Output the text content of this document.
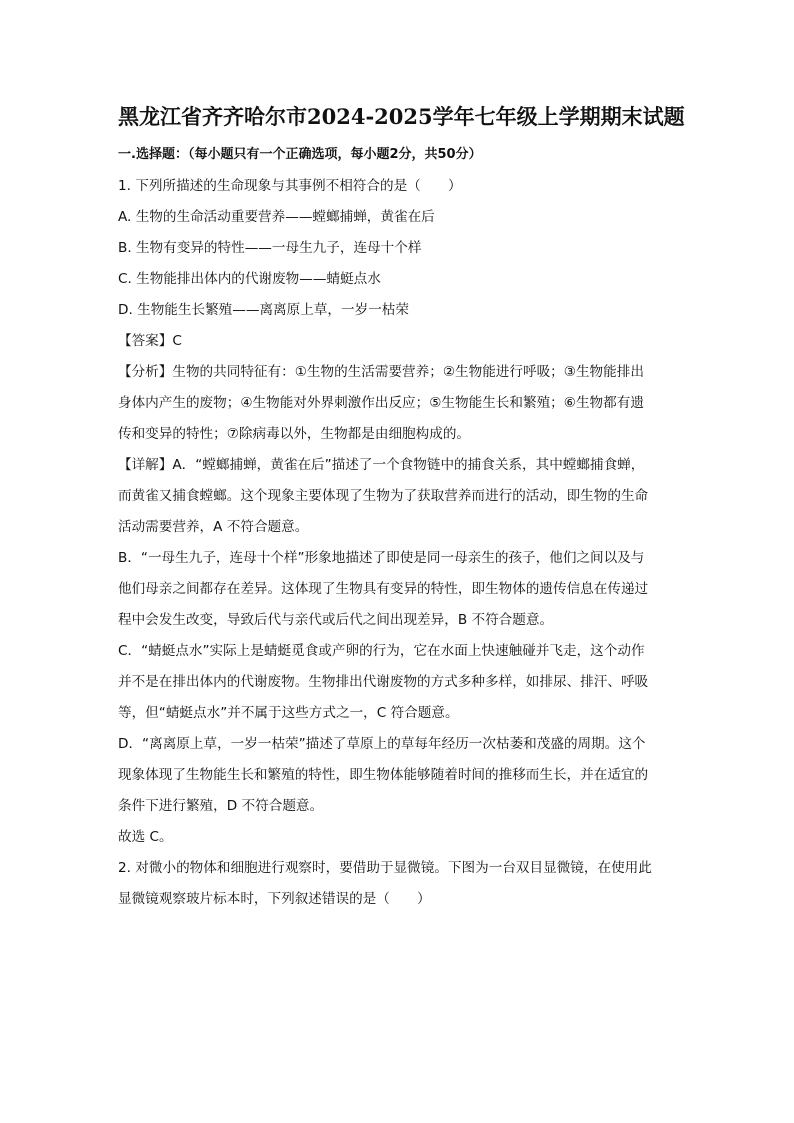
黑龙江省齐齐哈尔市2024-2025学年七年级上学期期末试题
一.选择题：（每小题只有一个正确选项，每小题2分，共50分）
1. 下列所描述的生命现象与其事例不相符合的是（　　）
A. 生物的生命活动重要营养——螳螂捕蝉，黄雀在后
B. 生物有变异的特性——一母生九子，连母十个样
C. 生物能排出体内的代谢废物——蜻蜓点水
D. 生物能生长繁殖——离离原上草，一岁一枯荣
【答案】C
【分析】生物的共同特征有：①生物的生活需要营养；②生物能进行呼吸；③生物能排出
身体内产生的废物；④生物能对外界刺激作出反应；⑤生物能生长和繁殖；⑥生物都有遗
传和变异的特性；⑦除病毒以外，生物都是由细胞构成的。
【详解】A．“螳螂捕蝉，黄雀在后”描述了一个食物链中的捕食关系，其中螳螂捕食蝉，
而黄雀又捕食螳螂。这个现象主要体现了生物为了获取营养而进行的活动，即生物的生命
活动需要营养，A 不符合题意。
B．“一母生九子，连母十个样”形象地描述了即使是同一母亲生的孩子，他们之间以及与
他们母亲之间都存在差异。这体现了生物具有变异的特性，即生物体的遗传信息在传递过
程中会发生改变，导致后代与亲代或后代之间出现差异，B 不符合题意。
C．“蜻蜓点水”实际上是蜻蜓觅食或产卵的行为，它在水面上快速触碰并飞走，这个动作
并不是在排出体内的代谢废物。生物排出代谢废物的方式多种多样，如排尿、排汗、呼吸
等，但“蜻蜓点水”并不属于这些方式之一，C 符合题意。
D．“离离原上草，一岁一枯荣”描述了草原上的草每年经历一次枯萎和茂盛的周期。这个
现象体现了生物能生长和繁殖的特性，即生物体能够随着时间的推移而生长，并在适宜的
条件下进行繁殖，D 不符合题意。
故选 C。
2. 对微小的物体和细胞进行观察时，要借助于显微镜。下图为一台双目显微镜，在使用此
显微镜观察玻片标本时，下列叙述错误的是（　　）
